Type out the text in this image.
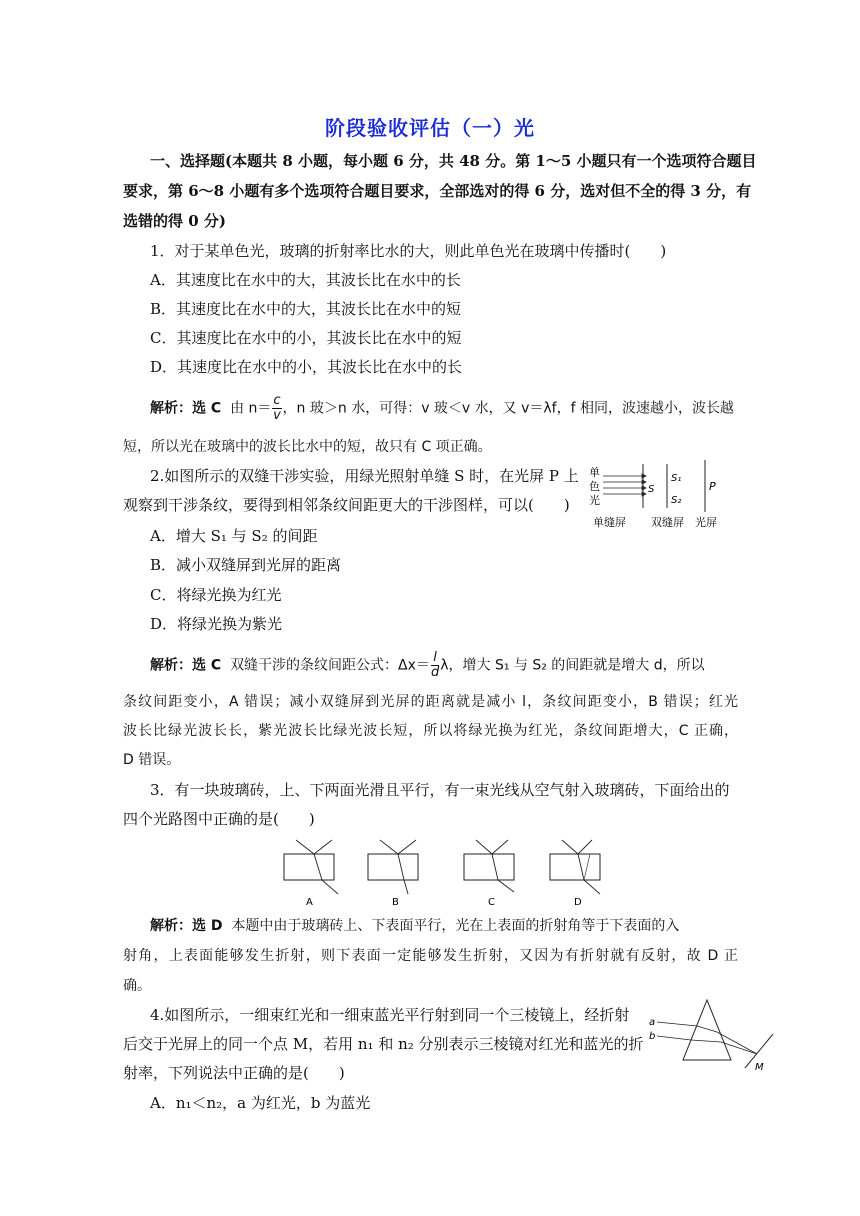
阶段验收评估（一）光
一、选择题(本题共 8 小题，每小题 6 分，共 48 分。第 1～5 小题只有一个选项符合题目
要求，第 6～8 小题有多个选项符合题目要求，全部选对的得 6 分，选对但不全的得 3 分，有
选错的得 0 分)
1．对于某单色光，玻璃的折射率比水的大，则此单色光在玻璃中传播时(　　)
A．其速度比在水中的大，其波长比在水中的长
B．其速度比在水中的大，其波长比在水中的短
C．其速度比在水中的小，其波长比在水中的短
D．其速度比在水中的小，其波长比在水中的长
解析：选 C 由 $n= \frac{c}{v}$ ，n 玻＞n 水，可得：v 玻＜v 水，又 v＝λf，f 相同，波速越小，波长越
短，所以光在玻璃中的波长比水中的短，故只有 C 项正确。
2.如图所示的双缝干涉实验，用绿光照射单缝 S 时，在光屏 P 上
观察到干涉条纹，要得到相邻条纹间距更大的干涉图样，可以(　　)
A．增大 S₁ 与 S₂ 的间距
B．减小双缝屏到光屏的距离
C．将绿光换为红光
D．将绿光换为紫光
单
色
光
S
S₁
S₂
P
单缝屏 双缝屏 光屏
解析：选 C 双缝干涉的条纹间距公式：$\Delta x= \frac{l}{d}$ λ，增大 S₁ 与 S₂ 的间距就是增大 d，所以
条纹间距变小，A 错误；减小双缝屏到光屏的距离就是减小 l，条纹间距变小，B 错误；红光
波长比绿光波长长，紫光波长比绿光波长短，所以将绿光换为红光，条纹间距增大，C 正确，
D 错误。
3．有一块玻璃砖，上、下两面光滑且平行，有一束光线从空气射入玻璃砖，下面给出的
四个光路图中正确的是(　　)
A	B	C	D
解析：选 D 本题中由于玻璃砖上、下表面平行，光在上表面的折射角等于下表面的入
射角，上表面能够发生折射，则下表面一定能够发生折射，又因为有折射就有反射，故 D 正
确。
4.如图所示，一细束红光和一细束蓝光平行射到同一个三棱镜上，经折射
后交于光屏上的同一个点 M，若用 n₁ 和 n₂ 分别表示三棱镜对红光和蓝光的折
射率，下列说法中正确的是(　　)
A．n₁＜n₂，a 为红光，b 为蓝光
a
b
M
